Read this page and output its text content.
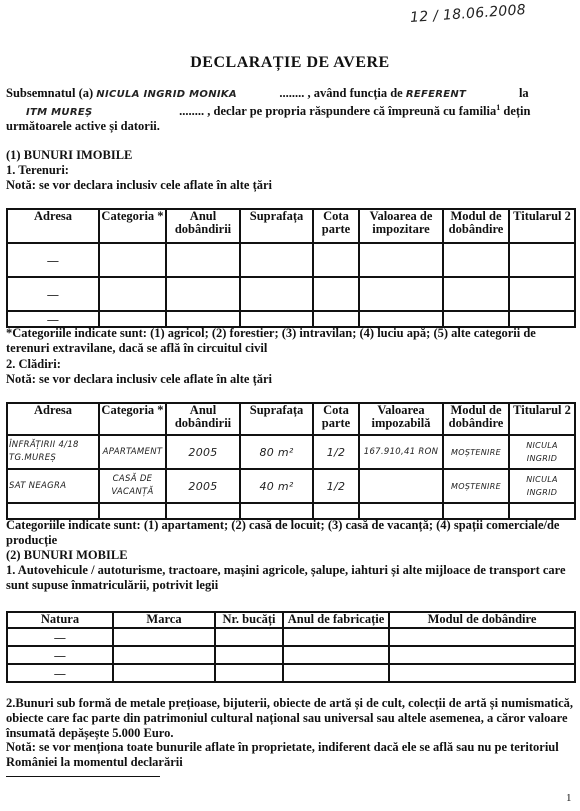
12 / 18.06.2008
DECLARAȚIE DE AVERE
Subsemnatul (a) NICULA INGRID MONIKA	........ , având funcția de REFERENT	la
ITM MUREȘ	........ , declar pe propria răspundere că împreună cu familia$^1$ dețin
următoarele active și datorii.
(1) BUNURI IMOBILE
1. Terenuri:
Notă: se vor declara inclusiv cele aflate în alte țări
Adresa	Categoria *	Anul dobândirii	Suprafața	Cota parte	Valoarea de impozitare	Modul de dobândire	Titularul 2
—							
—							
—							
*Categoriile indicate sunt: (1) agricol; (2) forestier; (3) intravilan; (4) luciu apă; (5) alte categorii de terenuri extravilane, dacă se află în circuitul civil
2. Clădiri:
Notă: se vor declara inclusiv cele aflate în alte țări
Adresa	Categoria *	Anul dobândirii	Suprafața	Cota parte	Valoarea impozabilă	Modul de dobândire	Titularul 2
ÎNFRĂȚIRII 4/18 TG.MUREȘ	APARTAMENT	2005	80 m²	1/2	167.910,41 RON	MOȘTENIRE	NICULA INGRID
SAT NEAGRA	CASĂ DE VACANȚĂ	2005	40 m²	1/2		MOȘTENIRE	NICULA INGRID

Categoriile indicate sunt: (1) apartament; (2) casă de locuit; (3) casă de vacanță; (4) spații comerciale/de producție
(2) BUNURI MOBILE
1. Autovehicule / autoturisme, tractoare, mașini agricole, șalupe, iahturi și alte mijloace de transport care sunt supuse înmatriculării, potrivit legii
Natura	Marca	Nr. bucăți	Anul de fabricație	Modul de dobândire
—				
—				
—				
2.Bunuri sub formă de metale prețioase, bijuterii, obiecte de artă și de cult, colecții de artă și numismatică, obiecte care fac parte din patrimoniul cultural național sau universal sau altele asemenea, a căror valoare însumată depășește 5.000 Euro.
Notă: se vor menționa toate bunurile aflate în proprietate, indiferent dacă ele se află sau nu pe teritoriul României la momentul declarării
1
